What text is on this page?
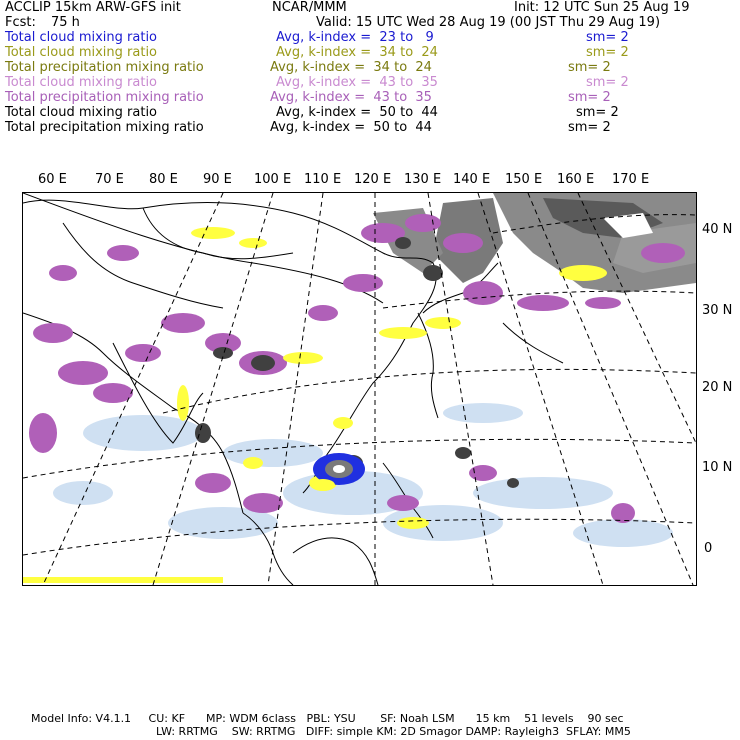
ACCLIP 15km ARW-GFS init	NCAR/MMM	Init: 12 UTC Sun 25 Aug 19
Fcst: 75 h	Valid: 15 UTC Wed 28 Aug 19 (00 JST Thu 29 Aug 19)
Total cloud mixing ratio	Avg, k-index =  23 to   9	sm= 2
Total cloud mixing ratio	Avg, k-index =  34 to  24	sm= 2
Total precipitation mixing ratio	Avg, k-index =  34 to  24	sm= 2
Total cloud mixing ratio	Avg, k-index =  43 to  35	sm= 2
Total precipitation mixing ratio	Avg, k-index =  43 to  35	sm= 2
Total cloud mixing ratio	Avg, k-index =  50 to  44	sm= 2
Total precipitation mixing ratio	Avg, k-index =  50 to  44	sm= 2
60 E 70 E 80 E 90 E 100 E 110 E 120 E 130 E 140 E 150 E 160 E 170 E
40 N
30 N
20 N
10 N
0
Model Info: V4.1.1     CU: KF      MP: WDM 6class   PBL: YSU       SF: Noah LSM      15 km    51 levels    90 sec
LW: RRTMG    SW: RRTMG   DIFF: simple KM: 2D Smagor DAMP: Rayleigh3  SFLAY: MM5
